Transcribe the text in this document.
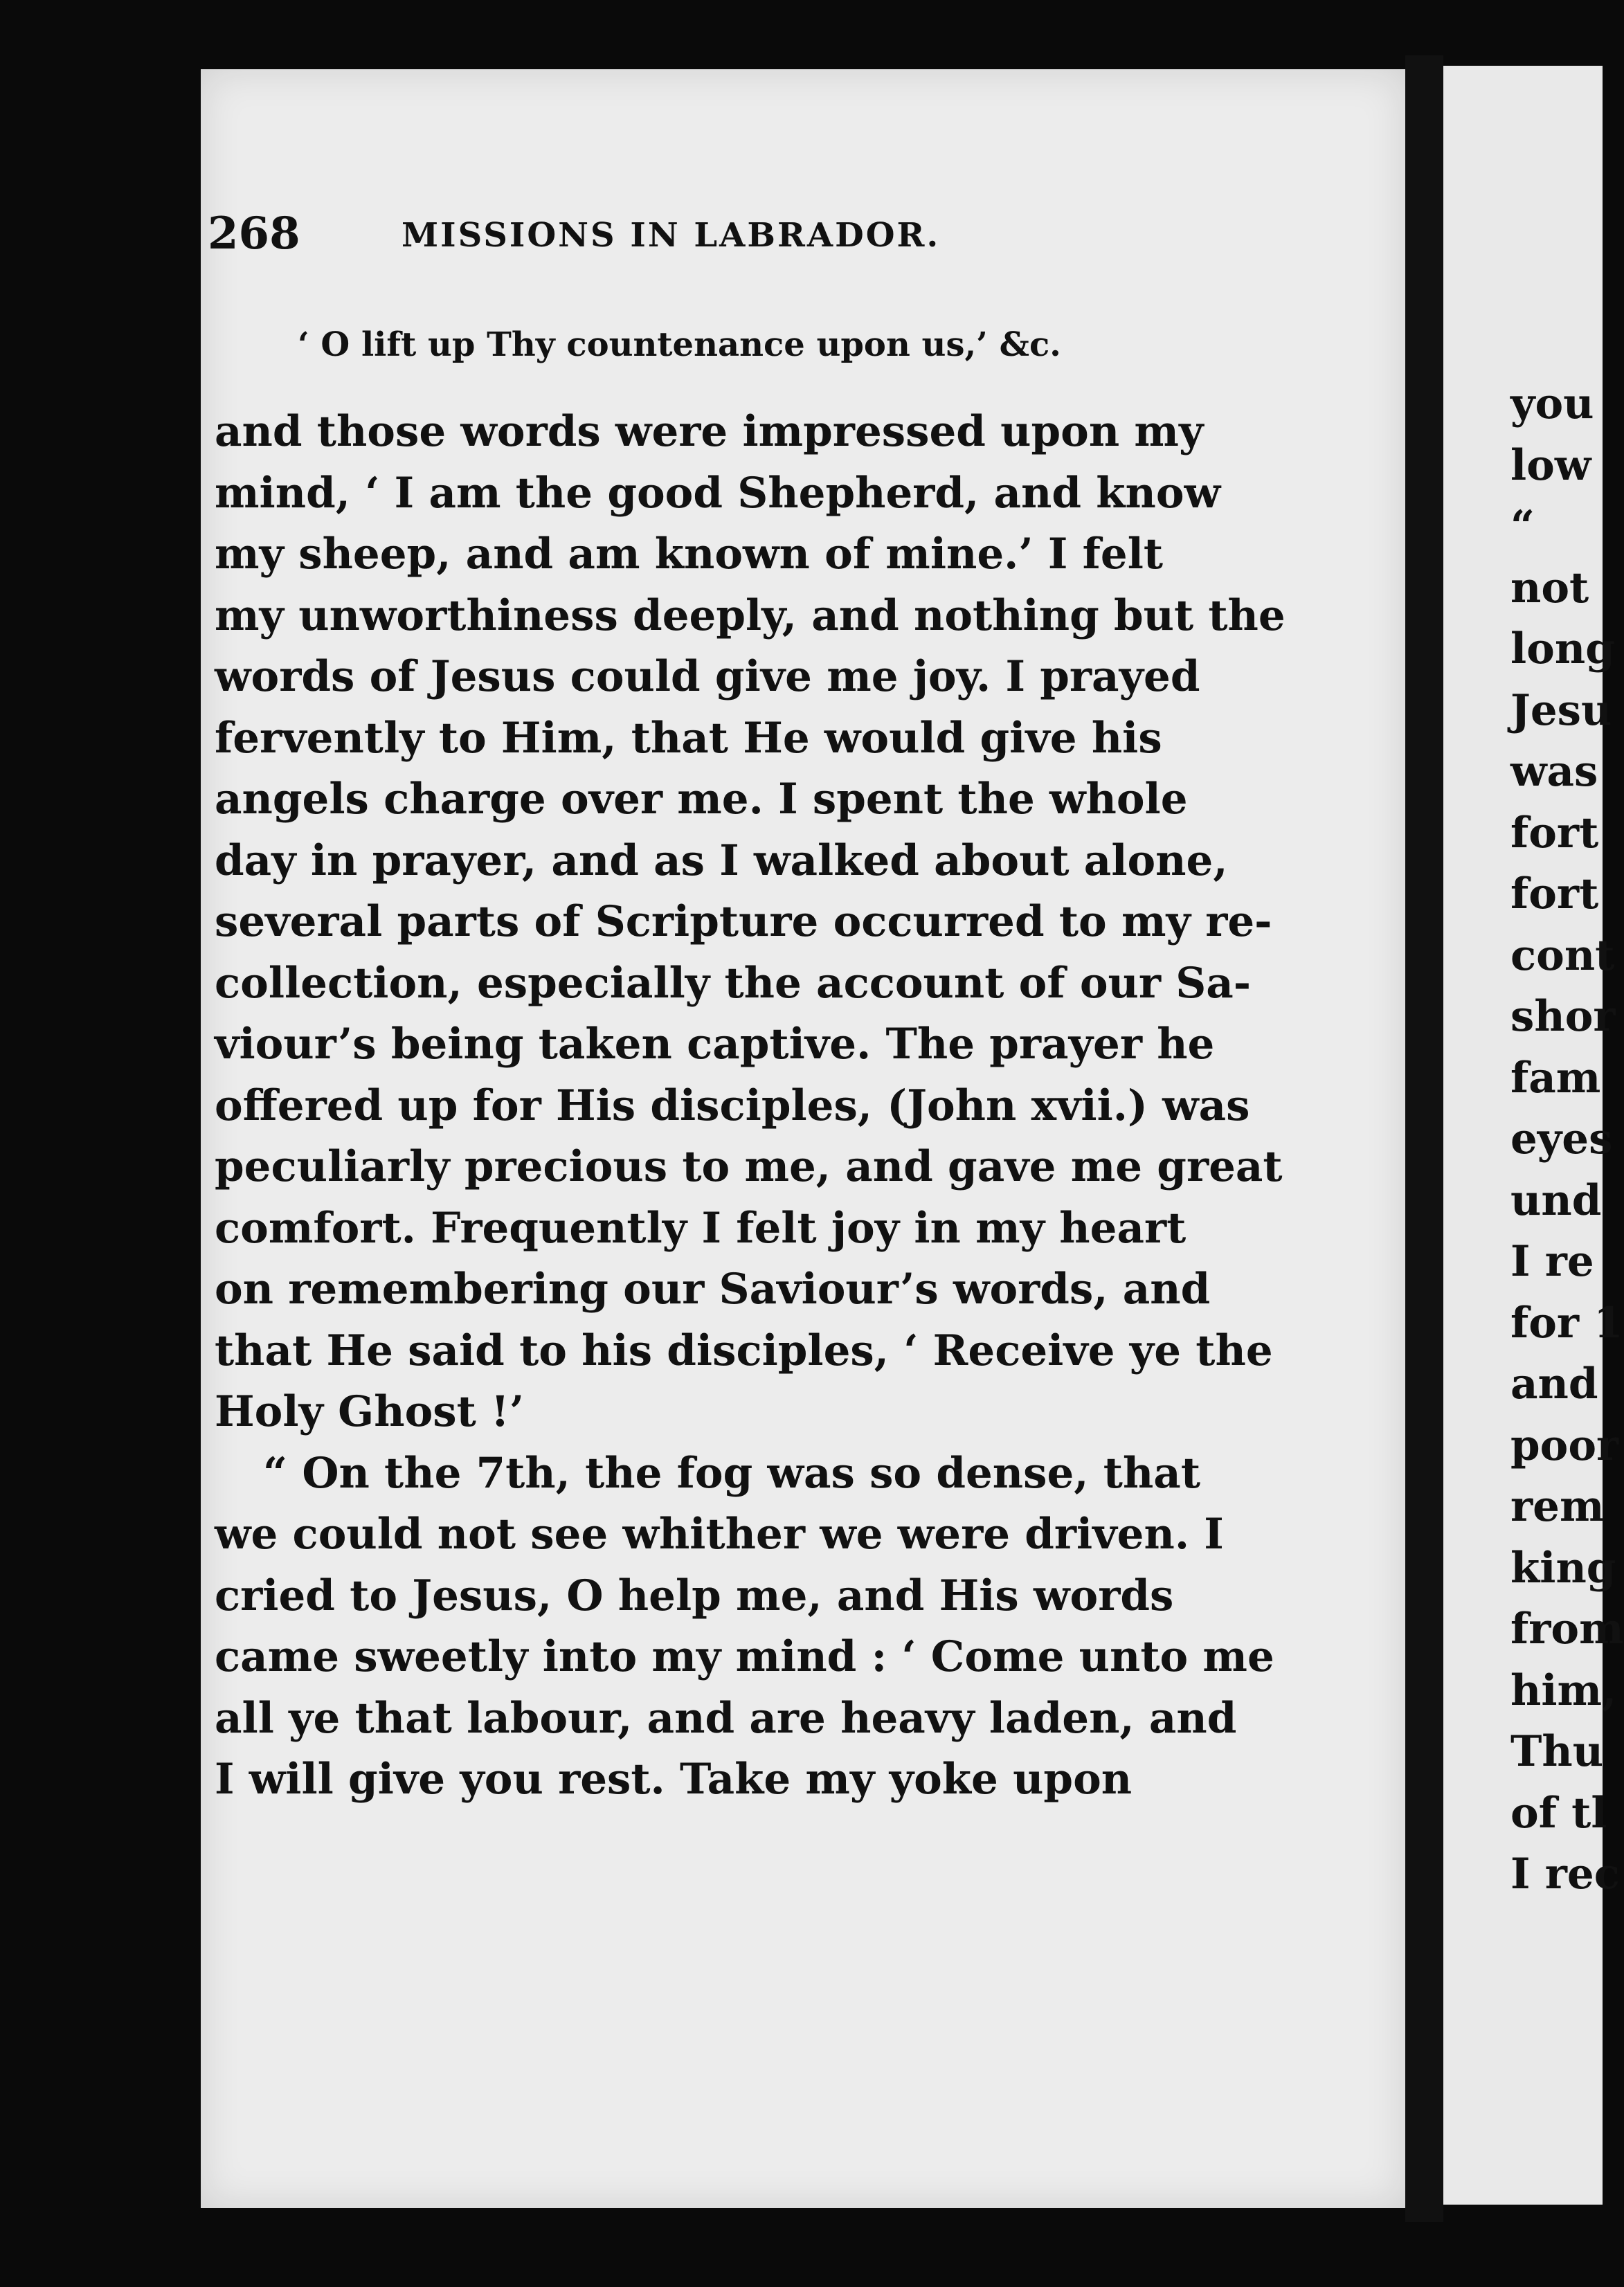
268	MISSIONS IN LABRADOR.
‘ O lift up Thy countenance upon us,’ &c.
and those words were impressed upon my
mind, ‘ I am the good Shepherd, and know
my sheep, and am known of mine.’ I felt
my unworthiness deeply, and nothing but the
words of Jesus could give me joy. I prayed
fervently to Him, that He would give his
angels charge over me. I spent the whole
day in prayer, and as I walked about alone,
several parts of Scripture occurred to my re-
collection, especially the account of our Sa-
viour’s being taken captive. The prayer he
offered up for His disciples, (John xvii.) was
peculiarly precious to me, and gave me great
comfort. Frequently I felt joy in my heart
on remembering our Saviour’s words, and
that He said to his disciples, ‘ Receive ye the
Holy Ghost !’
“ On the 7th, the fog was so dense, that
we could not see whither we were driven. I
cried to Jesus, O help me, and His words
came sweetly into my mind : ‘ Come unto me
all ye that labour, and are heavy laden, and
I will give you rest. Take my yoke upon
you
low
“
not
long
Jesu
was
fort
fort
cont
shor
fam
eyes
und
I re
for 1
and
poor
rem
king
from
him,
Thu
of tl
I rec
